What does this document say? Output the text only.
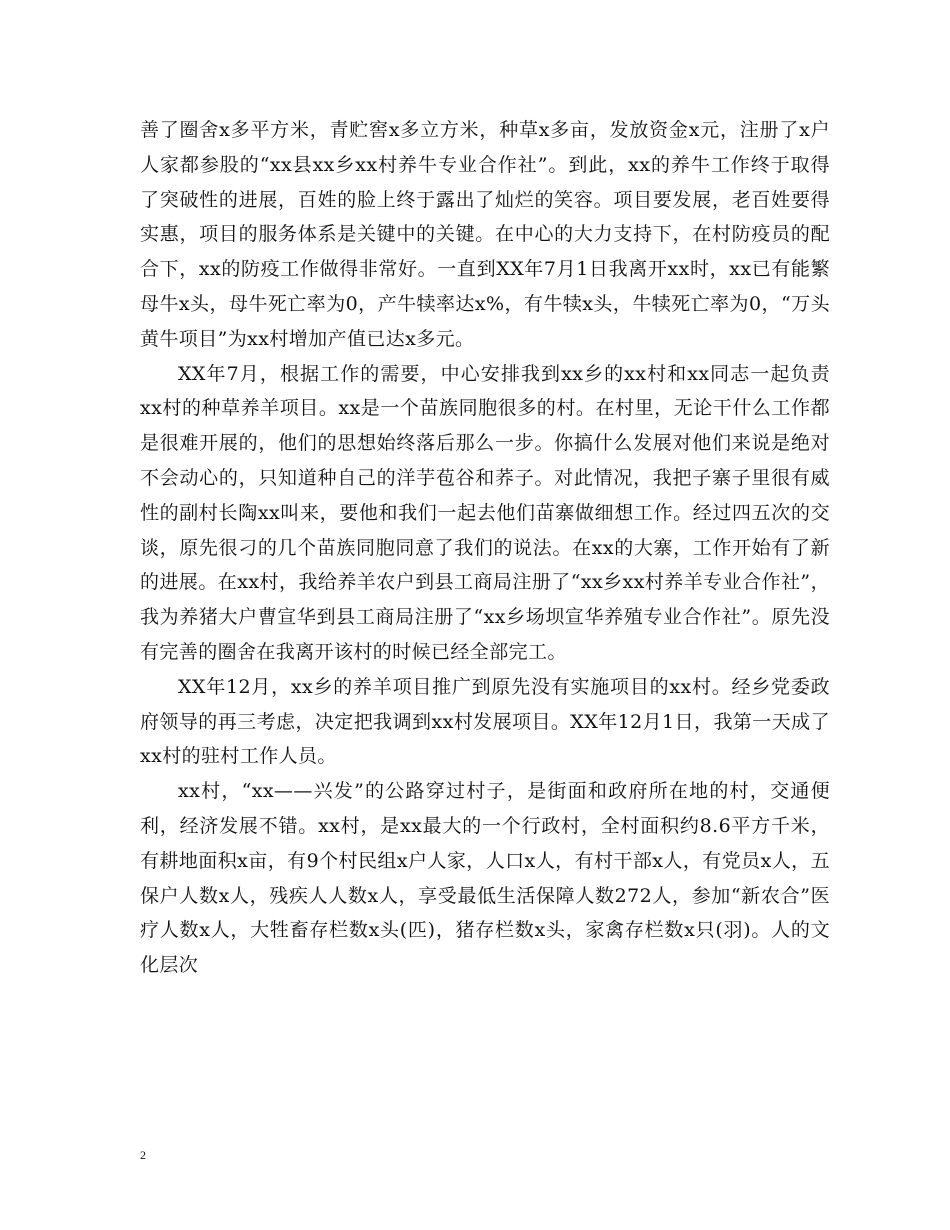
善了圈舍x多平方米，青贮窖x多立方米，种草x多亩，发放资金x元，注册了x户人家都参股的“xx县xx乡xx村养牛专业合作社”。到此，xx的养牛工作终于取得了突破性的进展，百姓的脸上终于露出了灿烂的笑容。项目要发展，老百姓要得实惠，项目的服务体系是关键中的关键。在中心的大力支持下，在村防疫员的配合下，xx的防疫工作做得非常好。一直到XX年7月1日我离开xx时，xx已有能繁母牛x头，母牛死亡率为0，产牛犊率达x%，有牛犊x头，牛犊死亡率为0，“万头黄牛项目”为xx村增加产值已达x多元。

XX年7月，根据工作的需要，中心安排我到xx乡的xx村和xx同志一起负责xx村的种草养羊项目。xx是一个苗族同胞很多的村。在村里，无论干什么工作都是很难开展的，他们的思想始终落后那么一步。你搞什么发展对他们来说是绝对不会动心的，只知道种自己的洋芋苞谷和荞子。对此情况，我把子寨子里很有威性的副村长陶xx叫来，要他和我们一起去他们苗寨做细想工作。经过四五次的交谈，原先很刁的几个苗族同胞同意了我们的说法。在xx的大寨，工作开始有了新的进展。在xx村，我给养羊农户到县工商局注册了“xx乡xx村养羊专业合作社”，我为养猪大户曹宣华到县工商局注册了“xx乡场坝宣华养殖专业合作社”。原先没有完善的圈舍在我离开该村的时候已经全部完工。

XX年12月，xx乡的养羊项目推广到原先没有实施项目的xx村。经乡党委政府领导的再三考虑，决定把我调到xx村发展项目。XX年12月1日，我第一天成了xx村的驻村工作人员。

xx村，“xx——兴发”的公路穿过村子，是街面和政府所在地的村，交通便利，经济发展不错。xx村，是xx最大的一个行政村，全村面积约8.6平方千米，有耕地面积x亩，有9个村民组x户人家，人口x人，有村干部x人，有党员x人，五保户人数x人，残疾人人数x人，享受最低生活保障人数272人，参加“新农合”医疗人数x人，大牲畜存栏数x头(匹)，猪存栏数x头，家禽存栏数x只(羽)。人的文化层次

2
